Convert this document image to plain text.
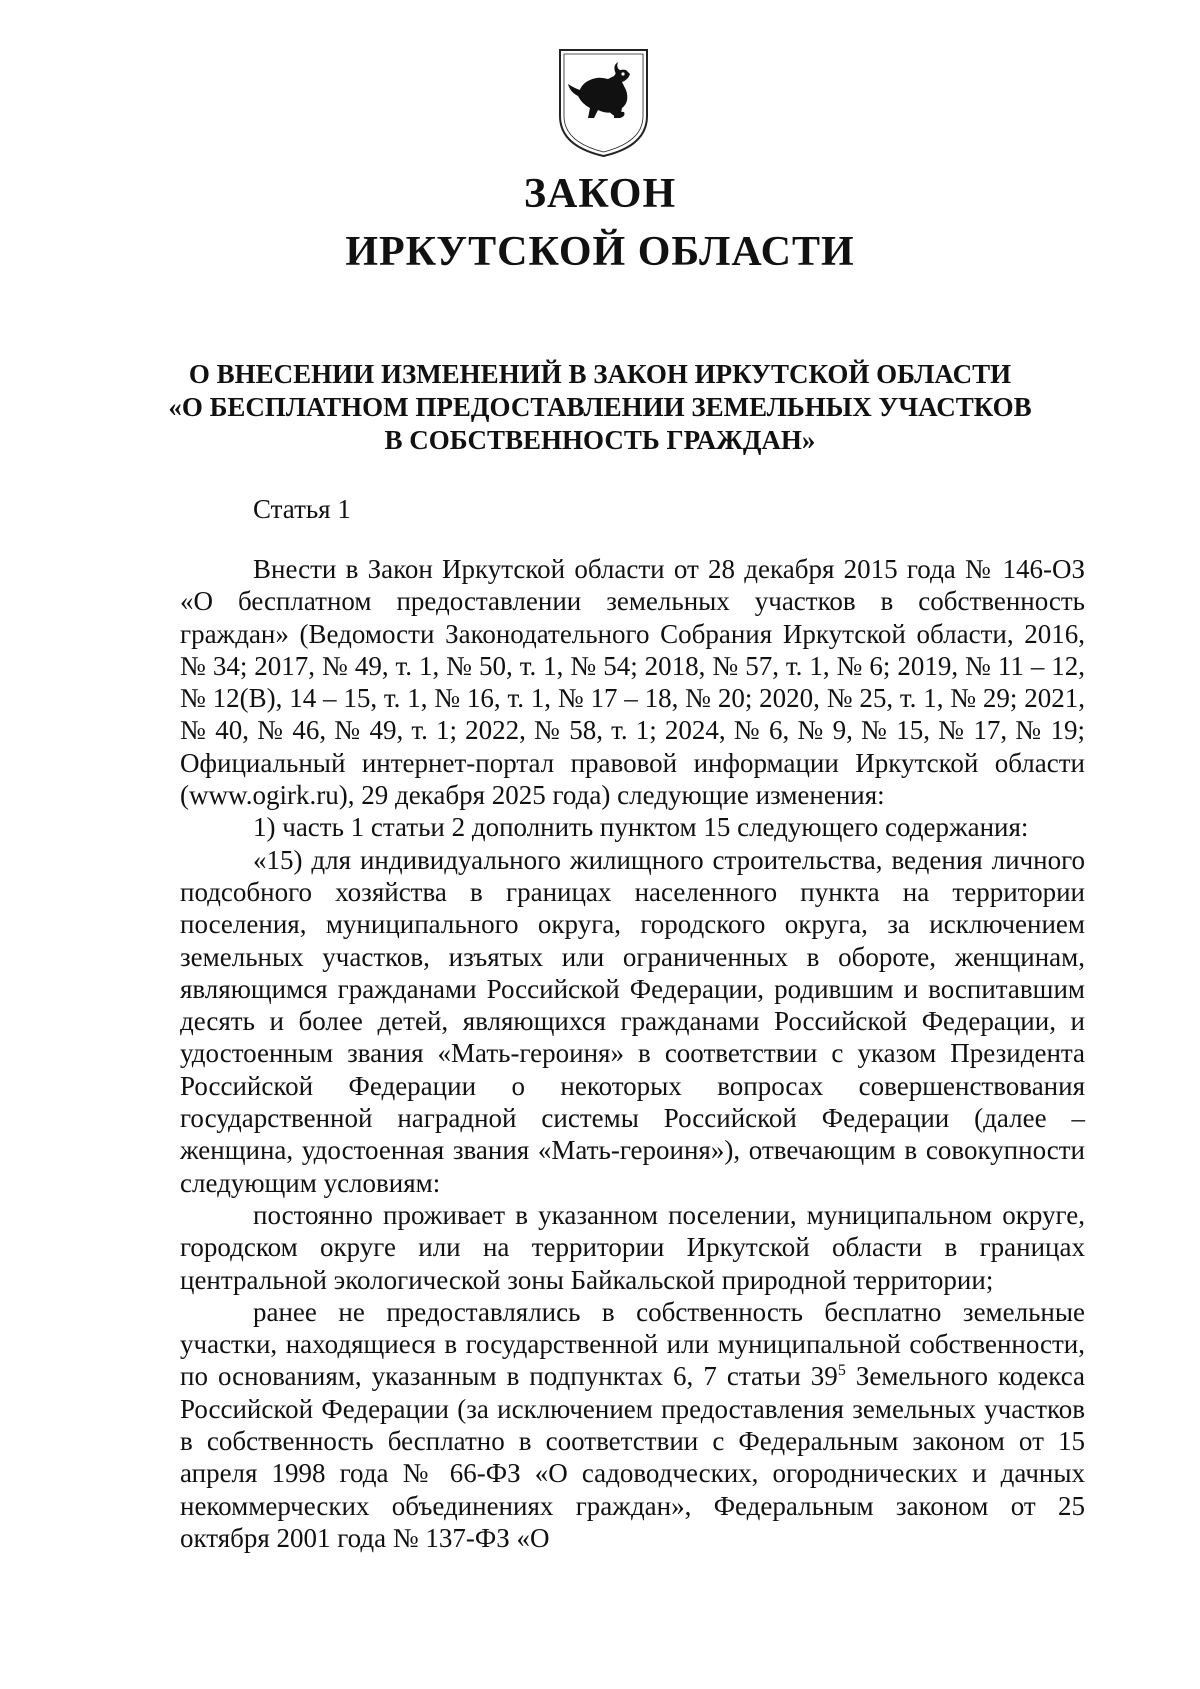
ЗАКОН
ИРКУТСКОЙ ОБЛАСТИ
О ВНЕСЕНИИ ИЗМЕНЕНИЙ В ЗАКОН ИРКУТСКОЙ ОБЛАСТИ
«О БЕСПЛАТНОМ ПРЕДОСТАВЛЕНИИ ЗЕМЕЛЬНЫХ УЧАСТКОВ
В СОБСТВЕННОСТЬ ГРАЖДАН»
Статья 1

Внести в Закон Иркутской области от 28 декабря 2015 года № 146-ОЗ «О бесплатном предоставлении земельных участков в собственность граждан» (Ведомости Законодательного Собрания Иркутской области, 2016, № 34; 2017, № 49, т. 1, № 50, т. 1, № 54; 2018, № 57, т. 1, № 6; 2019, № 11 – 12, № 12(В), 14 – 15, т. 1, № 16, т. 1, № 17 – 18, № 20; 2020, № 25, т. 1, № 29; 2021, № 40, № 46, № 49, т. 1; 2022, № 58, т. 1; 2024, № 6, № 9, № 15, № 17, № 19; Официальный интернет-портал правовой информации Иркутской области (www.ogirk.ru), 29 декабря 2025 года) следующие изменения:

1) часть 1 статьи 2 дополнить пунктом 15 следующего содержания:

«15) для индивидуального жилищного строительства, ведения личного подсобного хозяйства в границах населенного пункта на территории поселения, муниципального округа, городского округа, за исключением земельных участков, изъятых или ограниченных в обороте, женщинам, являющимся гражданами Российской Федерации, родившим и воспитавшим десять и более детей, являющихся гражданами Российской Федерации, и удостоенным звания «Мать-героиня» в соответствии с указом Президента Российской Федерации о некоторых вопросах совершенствования государственной наградной системы Российской Федерации (далее – женщина, удостоенная звания «Мать-героиня»), отвечающим в совокупности следующим условиям:

постоянно проживает в указанном поселении, муниципальном округе, городском округе или на территории Иркутской области в границах центральной экологической зоны Байкальской природной территории;

ранее не предоставлялись в собственность бесплатно земельные участки, находящиеся в государственной или муниципальной собственности, по основаниям, указанным в подпунктах 6, 7 статьи $39^5$ Земельного кодекса Российской Федерации (за исключением предоставления земельных участков в собственность бесплатно в соответствии с Федеральным законом от 15 апреля 1998 года № 66-ФЗ «О садоводческих, огороднических и дачных некоммерческих объединениях граждан», Федеральным законом от 25 октября 2001 года № 137-ФЗ «О
